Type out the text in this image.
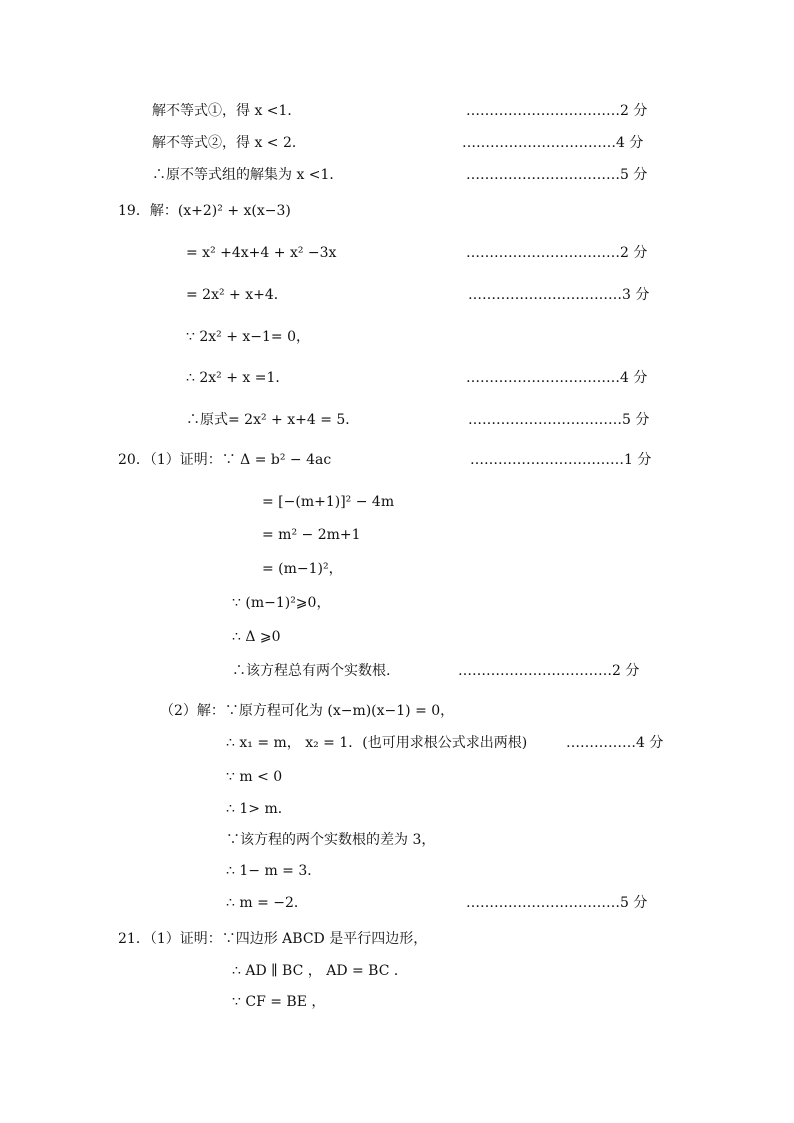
解不等式①，得 x <1．
解不等式②，得 x < 2．
∴原不等式组的解集为 x <1．
19．解：(x+2)² + x(x−3)
= x² +4x+4 + x² −3x
= 2x² + x+4．
∵ 2x² + x−1= 0，
∴ 2x² + x =1．
∴原式= 2x² + x+4 = 5．
20．（1）证明：∵ Δ = b² − 4ac
= [−(m+1)]² − 4m
= m² − 2m+1
= (m−1)²，
∵ (m−1)²⩾0，
∴ Δ ⩾0
∴该方程总有两个实数根.
（2）解：∵原方程可化为 (x−m)(x−1) = 0，
∴ x₁ = m， x₂ = 1．(也可用求根公式求出两根)
∵ m < 0
∴ 1> m．
∵该方程的两个实数根的差为 3，
∴ 1− m = 3．
∴ m = −2．
21．（1）证明：∵四边形 ABCD 是平行四边形，
∴ AD ∥ BC ， AD = BC ．
∵ CF = BE ，
……………………………2 分
……………………………4 分
……………………………5 分
……………………………2 分
……………………………3 分
……………………………4 分
……………………………5 分
……………………………1 分
……………………………2 分
……………4 分
……………………………5 分
